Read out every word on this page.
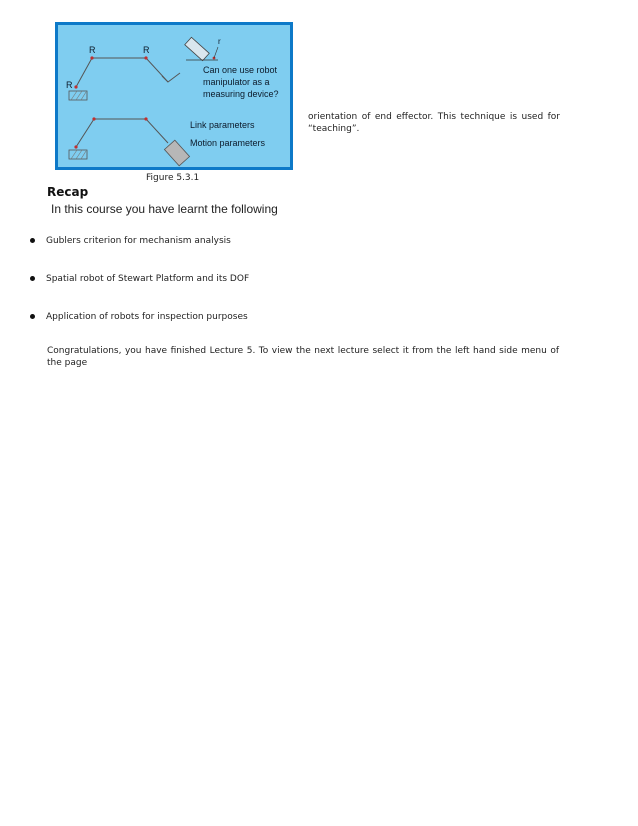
R	R
R
r
Can one use robot
manipulator as a
measuring device?
Link parameters
Motion parameters
Figure 5.3.1
orientation of end effector. This technique is used for “teaching”.
Recap
In this course you have learnt the following
Gublers criterion for mechanism analysis
Spatial robot of Stewart Platform and its DOF
Application of robots for inspection purposes
Congratulations, you have finished Lecture 5. To view the next lecture select it from the left hand side menu of the page
